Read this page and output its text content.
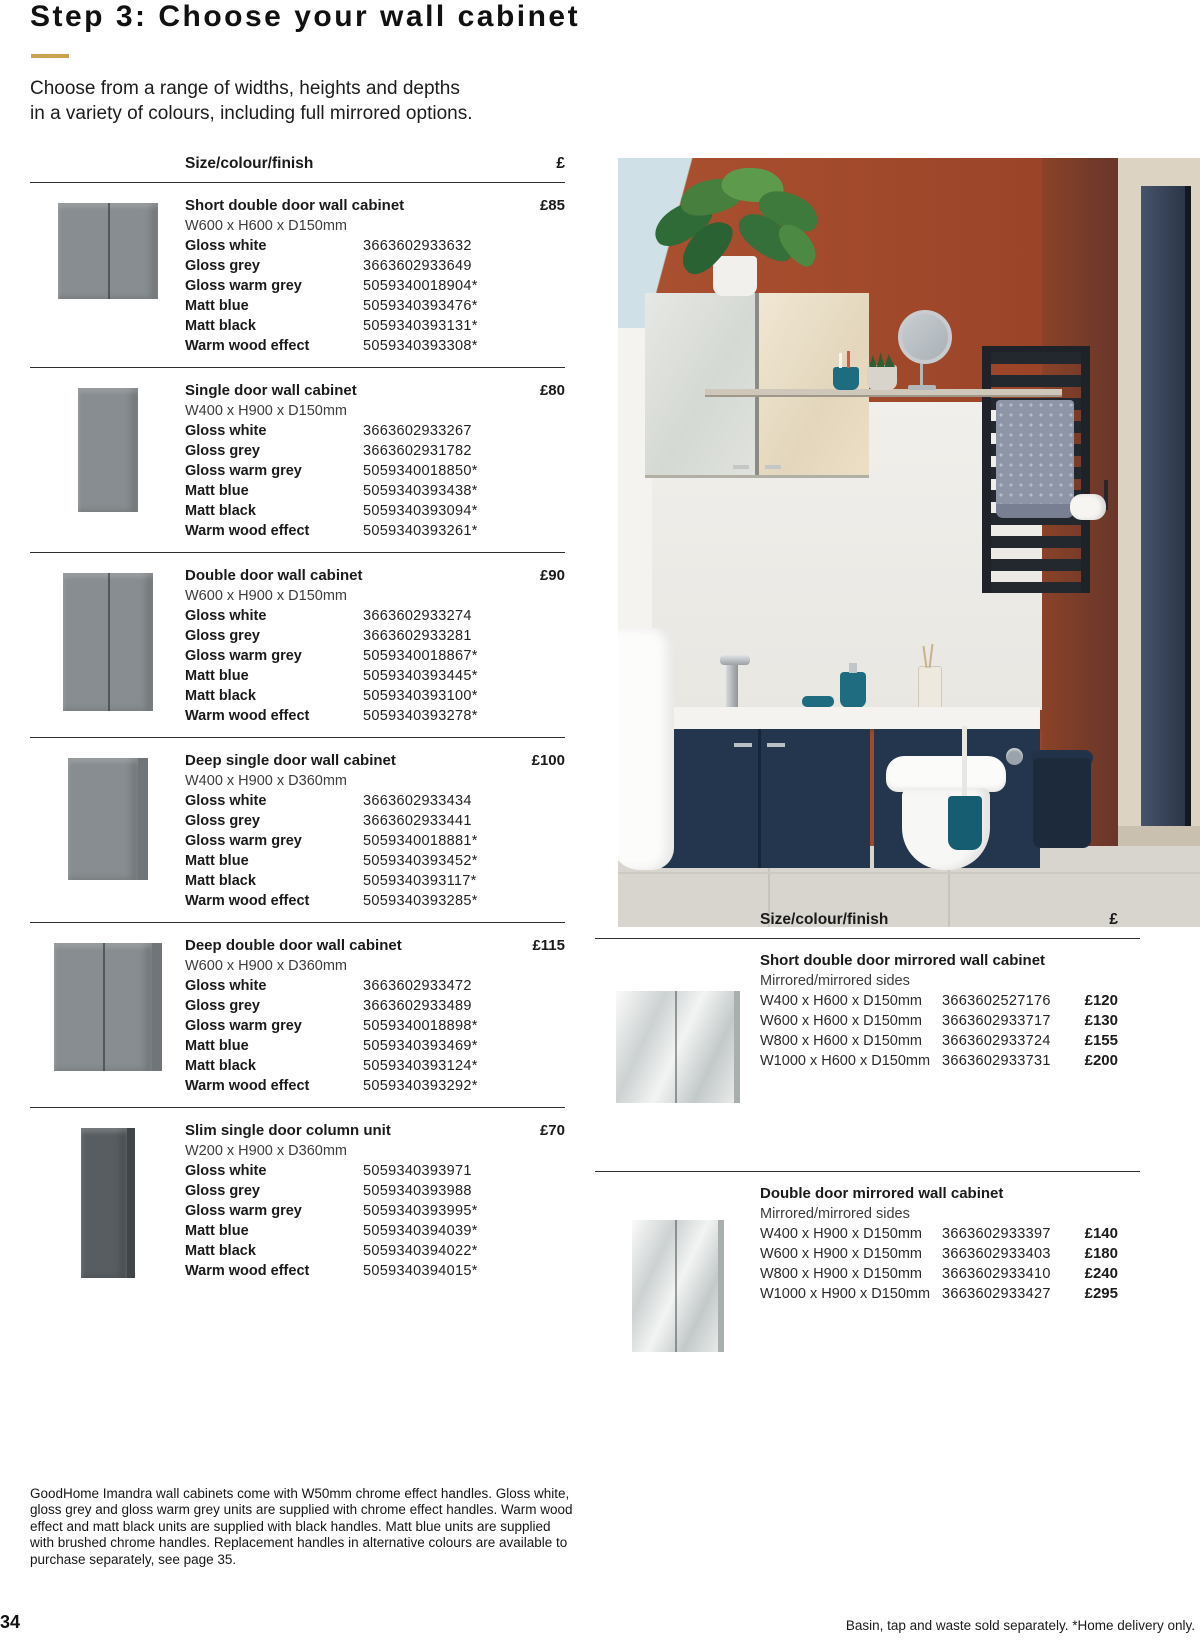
Step 3: Choose your wall cabinet
Choose from a range of widths, heights and depths
in a variety of colours, including full mirrored options.
Size/colour/finish	£
Short double door wall cabinet	£85
W600 x H600 x D150mm
Gloss white	3663602933632
Gloss grey	3663602933649
Gloss warm grey	5059340018904*
Matt blue	5059340393476*
Matt black	5059340393131*
Warm wood effect	5059340393308*
Single door wall cabinet	£80
W400 x H900 x D150mm
Gloss white	3663602933267
Gloss grey	3663602931782
Gloss warm grey	5059340018850*
Matt blue	5059340393438*
Matt black	5059340393094*
Warm wood effect	5059340393261*
Double door wall cabinet	£90
W600 x H900 x D150mm
Gloss white	3663602933274
Gloss grey	3663602933281
Gloss warm grey	5059340018867*
Matt blue	5059340393445*
Matt black	5059340393100*
Warm wood effect	5059340393278*
Deep single door wall cabinet	£100
W400 x H900 x D360mm
Gloss white	3663602933434
Gloss grey	3663602933441
Gloss warm grey	5059340018881*
Matt blue	5059340393452*
Matt black	5059340393117*
Warm wood effect	5059340393285*
Deep double door wall cabinet	£115
W600 x H900 x D360mm
Gloss white	3663602933472
Gloss grey	3663602933489
Gloss warm grey	5059340018898*
Matt blue	5059340393469*
Matt black	5059340393124*
Warm wood effect	5059340393292*
Slim single door column unit	£70
W200 x H900 x D360mm
Gloss white	5059340393971
Gloss grey	5059340393988
Gloss warm grey	5059340393995*
Matt blue	5059340394039*
Matt black	5059340394022*
Warm wood effect	5059340394015*
Size/colour/finish	£
Short double door mirrored wall cabinet
Mirrored/mirrored sides
W400 x H600 x D150mm	3663602527176	£120
W600 x H600 x D150mm	3663602933717	£130
W800 x H600 x D150mm	3663602933724	£155
W1000 x H600 x D150mm 3663602933731	£200
Double door mirrored wall cabinet
Mirrored/mirrored sides
W400 x H900 x D150mm	3663602933397	£140
W600 x H900 x D150mm	3663602933403	£180
W800 x H900 x D150mm	3663602933410	£240
W1000 x H900 x D150mm 3663602933427	£295
GoodHome Imandra wall cabinets come with W50mm chrome effect handles. Gloss white, gloss grey and gloss warm grey units are supplied with chrome effect handles. Warm wood effect and matt black units are supplied with black handles. Matt blue units are supplied with brushed chrome handles. Replacement handles in alternative colours are available to purchase separately, see page 35.
34	Basin, tap and waste sold separately. *Home delivery only.
